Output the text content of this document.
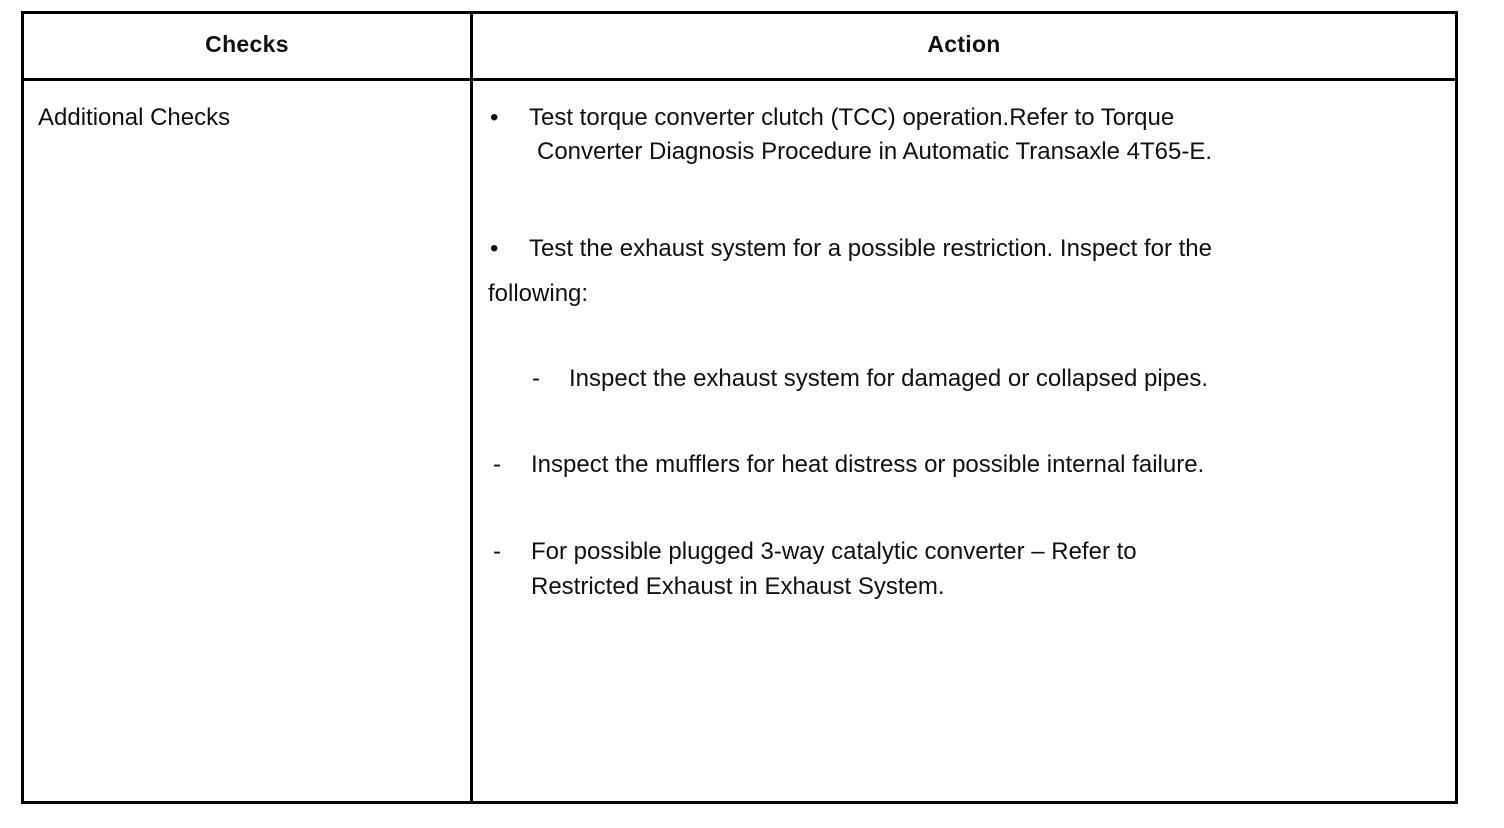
Checks	Action
Additional Checks	• Test torque converter clutch (TCC) operation.Refer to Torque
Converter Diagnosis Procedure in Automatic Transaxle 4T65-E.
• Test the exhaust system for a possible restriction. Inspect for the
following:
- Inspect the exhaust system for damaged or collapsed pipes.
- Inspect the mufflers for heat distress or possible internal failure.
- For possible plugged 3-way catalytic converter – Refer to
Restricted Exhaust in Exhaust System.
